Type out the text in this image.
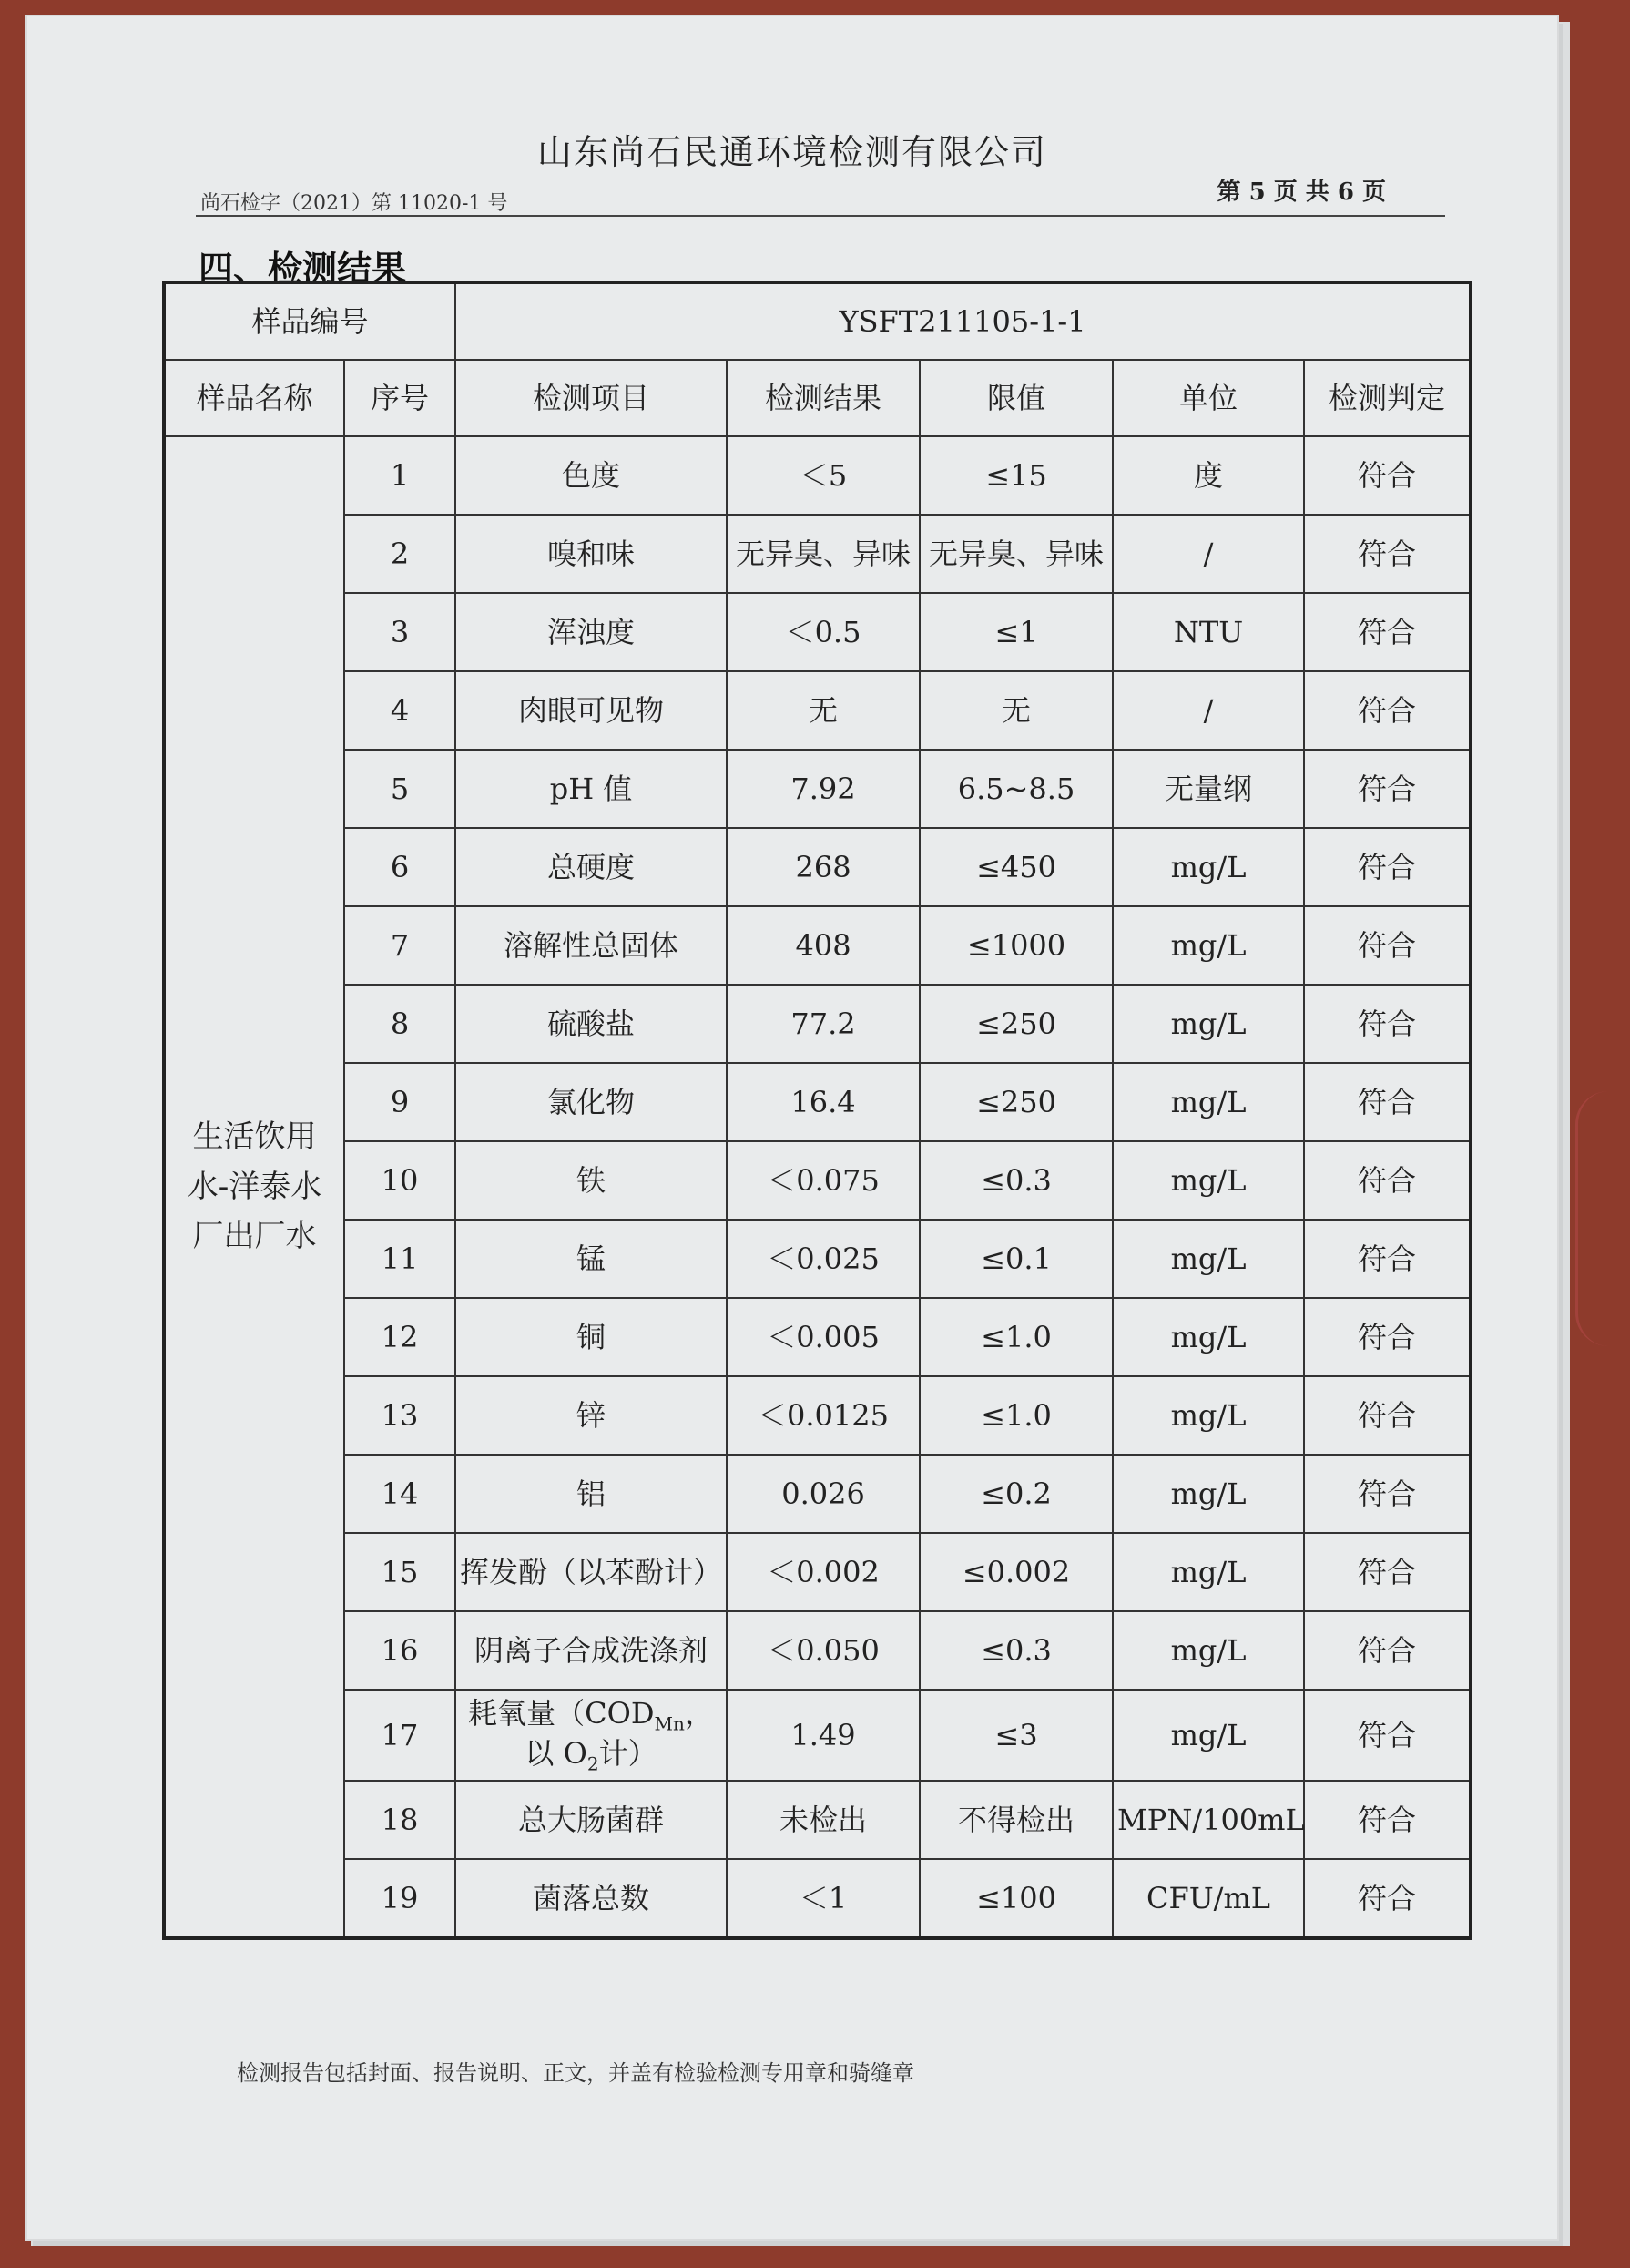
山东尚石民通环境检测有限公司
尚石检字（2021）第 11020-1 号	第 5 页 共 6 页
四、检测结果
样品编号		YSFT211105-1-1				
样品名称	序号	检测项目	检测结果	限值	单位	检测判定
生活饮用水-洋泰水厂出厂水	1	色度	＜5	≤15	度	符合
	2	嗅和味	无异臭、异味	无异臭、异味	/	符合
	3	浑浊度	＜0.5	≤1	NTU	符合
	4	肉眼可见物	无	无	/	符合
	5	pH 值	7.92	6.5~8.5	无量纲	符合
	6	总硬度	268	≤450	mg/L	符合
	7	溶解性总固体	408	≤1000	mg/L	符合
	8	硫酸盐	77.2	≤250	mg/L	符合
	9	氯化物	16.4	≤250	mg/L	符合
	10	铁	＜0.075	≤0.3	mg/L	符合
	11	锰	＜0.025	≤0.1	mg/L	符合
	12	铜	＜0.005	≤1.0	mg/L	符合
	13	锌	＜0.0125	≤1.0	mg/L	符合
	14	铝	0.026	≤0.2	mg/L	符合
	15	挥发酚（以苯酚计）	＜0.002	≤0.002	mg/L	符合
	16	阴离子合成洗涤剂	＜0.050	≤0.3	mg/L	符合
	17	耗氧量（$COD_{Mn}$，以 $O_2$计）	1.49	≤3	mg/L	符合
	18	总大肠菌群	未检出	不得检出	MPN/100mL	符合
	19	菌落总数	＜1	≤100	CFU/mL	符合
检测报告包括封面、报告说明、正文，并盖有检验检测专用章和骑缝章
